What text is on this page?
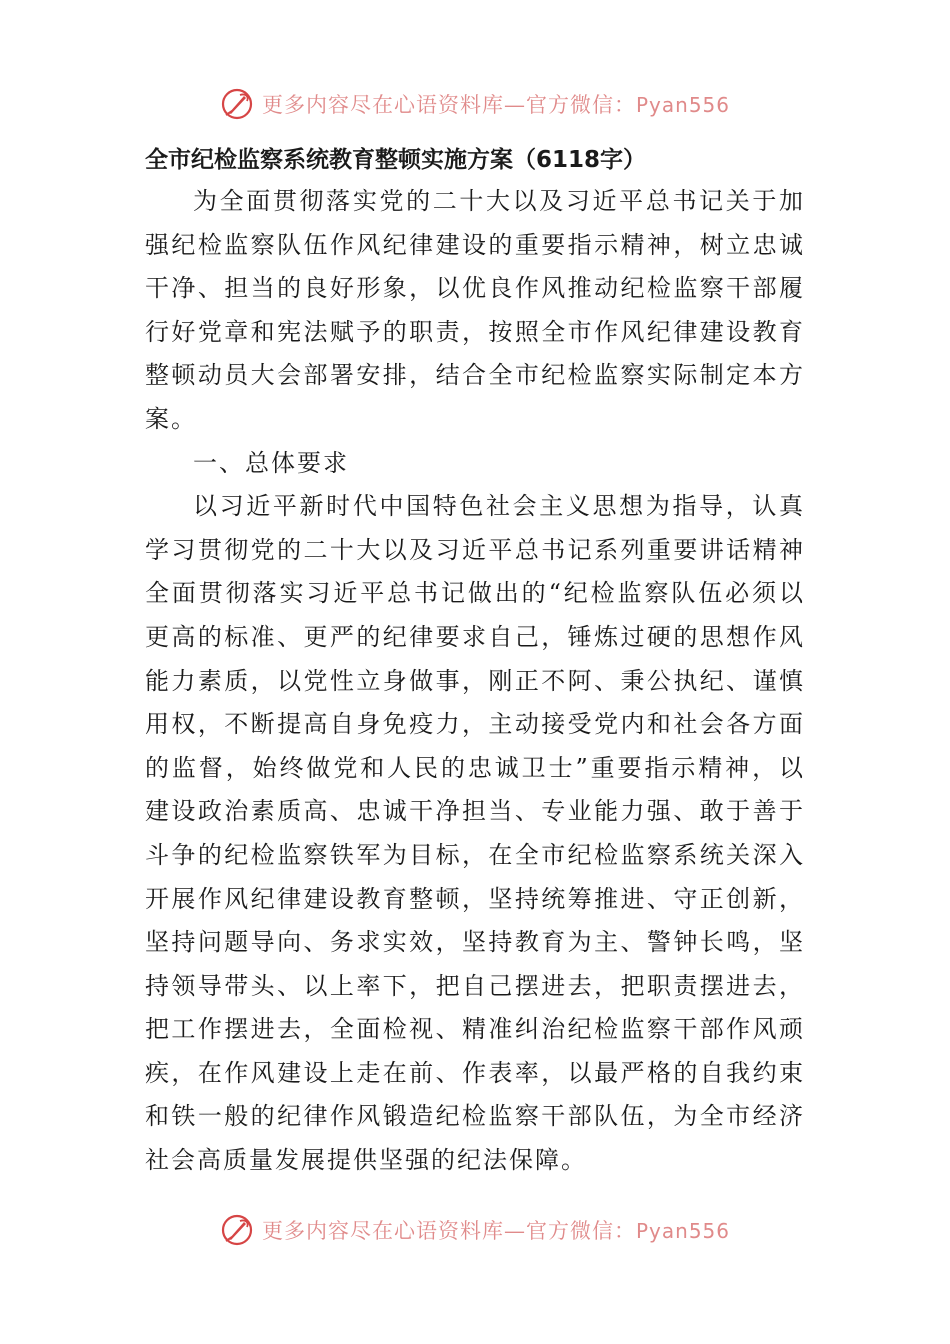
更多内容尽在心语资料库—官方微信：Pyan556
全市纪检监察系统教育整顿实施方案（6118字）

为全面贯彻落实党的二十大以及习近平总书记关于加强纪检监察队伍作风纪律建设的重要指示精神，树立忠诚干净、担当的良好形象，以优良作风推动纪检监察干部履行好党章和宪法赋予的职责，按照全市作风纪律建设教育整顿动员大会部署安排，结合全市纪检监察实际制定本方案。

一、总体要求

以习近平新时代中国特色社会主义思想为指导，认真学习贯彻党的二十大以及习近平总书记系列重要讲话精神全面贯彻落实习近平总书记做出的“纪检监察队伍必须以更高的标准、更严的纪律要求自己，锤炼过硬的思想作风能力素质，以党性立身做事，刚正不阿、秉公执纪、谨慎用权，不断提高自身免疫力，主动接受党内和社会各方面的监督，始终做党和人民的忠诚卫士”重要指示精神，以建设政治素质高、忠诚干净担当、专业能力强、敢于善于斗争的纪检监察铁军为目标，在全市纪检监察系统关深入开展作风纪律建设教育整顿，坚持统筹推进、守正创新，坚持问题导向、务求实效，坚持教育为主、警钟长鸣，坚持领导带头、以上率下，把自己摆进去，把职责摆进去，把工作摆进去，全面检视、精准纠治纪检监察干部作风顽疾，在作风建设上走在前、作表率，以最严格的自我约束和铁一般的纪律作风锻造纪检监察干部队伍，为全市经济社会高质量发展提供坚强的纪法保障。

更多内容尽在心语资料库—官方微信：Pyan556
